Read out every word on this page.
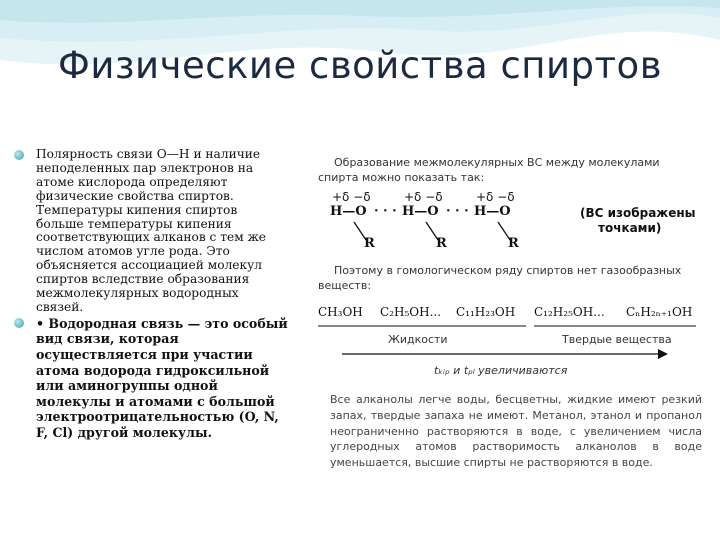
Физические свойства спиртов
Полярность связи О—Н и наличие
неподеленных пар электронов на
атоме кислорода определяют
физические свойства спиртов.
Температуры кипения спиртов
больше температуры кипения
соответствующих алканов с тем же
числом атомов угле рода. Это
объясняется ассоциацией молекул
спиртов вследствие образования
межмолекулярных водородных
связей.
• Водородная связь — это особый
вид связи, которая
осуществляется при участии
атома водорода гидроксильной
или аминогруппы одной
молекулы и атомами с большой
электроотрицательностью (O, N,
F, Cl) другой молекулы.
Образование межмолекулярных ВС между молекулами
спирта можно показать так:
+δ −δ	+δ −δ	+δ −δ
H—O · · · H—O · · · H—O
R	R	R
(ВС изображены
точками)
Поэтому в гомологическом ряду спиртов нет газообразных
веществ:
CH₃OH C₂H₅OH... C₁₁H₂₃OH C₁₂H₂₅OH... CₙH₂ₙ₊₁OH
Жидкости	Твердые вещества
tₖᵢₚ и tₚₗ увеличиваются
Все алканолы легче воды, бесцветны, жидкие имеют резкий запах, твердые запаха не имеют. Метанол, этанол и пропанол неограниченно растворяются в воде, с увеличением числа углеродных атомов растворимость алканолов в воде уменьшается, высшие спирты не растворяются в воде.
